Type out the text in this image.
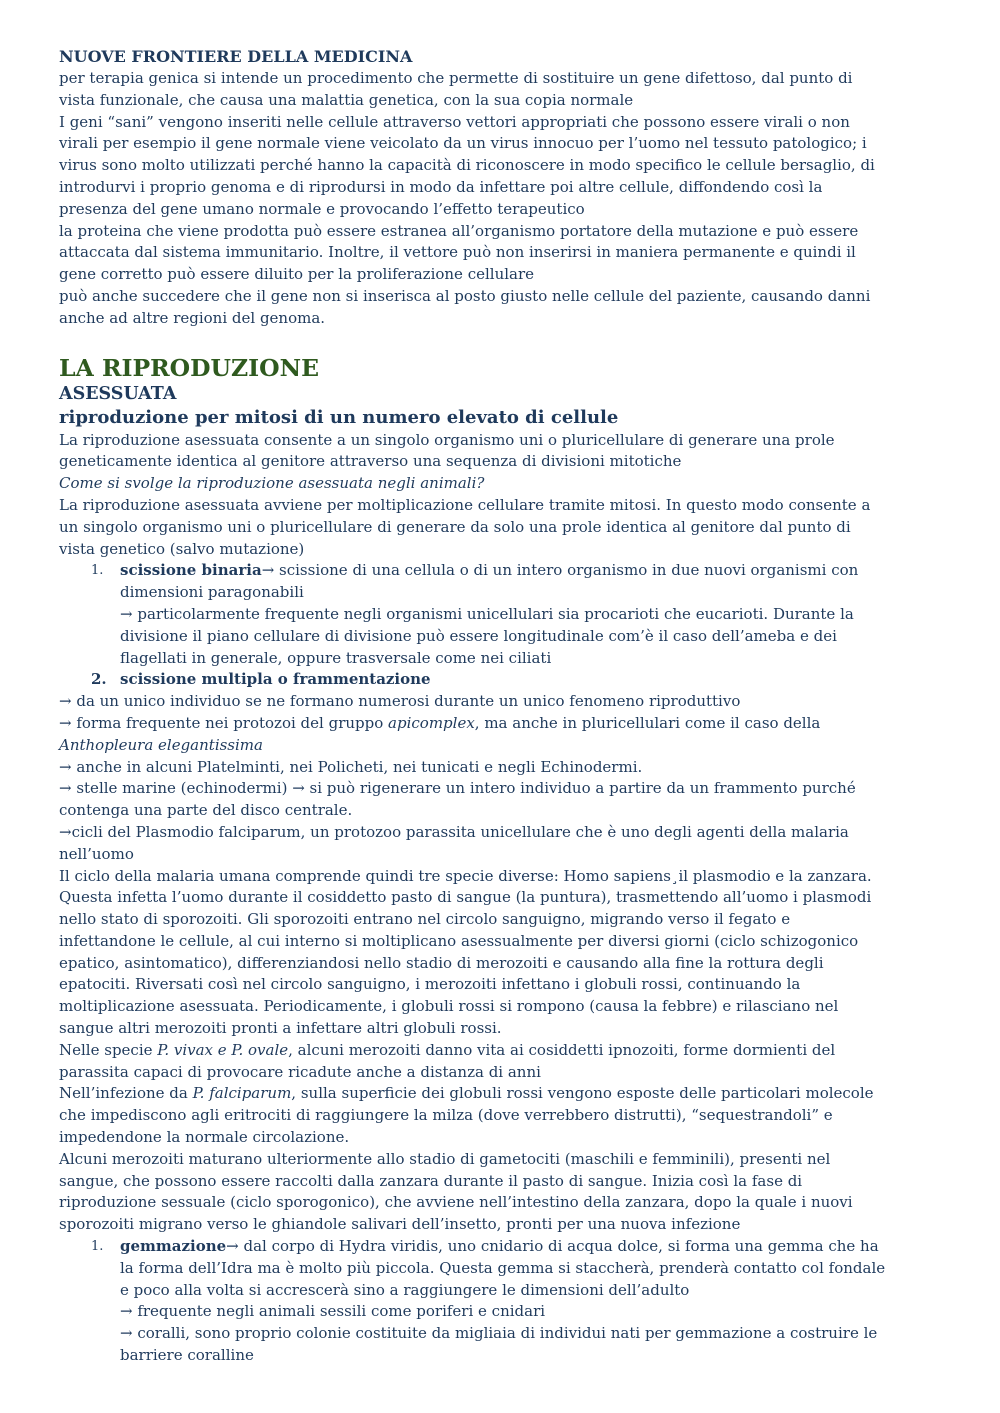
NUOVE FRONTIERE DELLA MEDICINA

per terapia genica si intende un procedimento che permette di sostituire un gene difettoso, dal punto di vista funzionale, che causa una malattia genetica, con la sua copia normale

I geni “sani” vengono inseriti nelle cellule attraverso vettori appropriati che possono essere virali o non virali per esempio il gene normale viene veicolato da un virus innocuo per l’uomo nel tessuto patologico; i virus sono molto utilizzati perché hanno la capacità di riconoscere in modo specifico le cellule bersaglio, di introdurvi i proprio genoma e di riprodursi in modo da infettare poi altre cellule, diffondendo così la presenza del gene umano normale e provocando l’effetto terapeutico

la proteina che viene prodotta può essere estranea all’organismo portatore della mutazione e può essere attaccata dal sistema immunitario. Inoltre, il vettore può non inserirsi in maniera permanente e quindi il gene corretto può essere diluito per la proliferazione cellulare

può anche succedere che il gene non si inserisca al posto giusto nelle cellule del paziente, causando danni anche ad altre regioni del genoma.

LA RIPRODUZIONE

ASESSUATA

riproduzione per mitosi di un numero elevato di cellule

La riproduzione asessuata consente a un singolo organismo uni o pluricellulare di generare una prole geneticamente identica al genitore attraverso una sequenza di divisioni mitotiche

Come si svolge la riproduzione asessuata negli animali?

La riproduzione asessuata avviene per moltiplicazione cellulare tramite mitosi. In questo modo consente a un singolo organismo uni o pluricellulare di generare da solo una prole identica al genitore dal punto di vista genetico (salvo mutazione)

1. scissione binaria→ scissione di una cellula o di un intero organismo in due nuovi organismi con dimensioni paragonabili

→ particolarmente frequente negli organismi unicellulari sia procarioti che eucarioti. Durante la divisione il piano cellulare di divisione può essere longitudinale com’è il caso dell’ameba e dei flagellati in generale, oppure trasversale come nei ciliati

2. scissione multipla o frammentazione

→ da un unico individuo se ne formano numerosi durante un unico fenomeno riproduttivo

→ forma frequente nei protozoi del gruppo apicomplex, ma anche in pluricellulari come il caso della Anthopleura elegantissima

→ anche in alcuni Platelminti, nei Policheti, nei tunicati e negli Echinodermi.

→ stelle marine (echinodermi) → si può rigenerare un intero individuo a partire da un frammento purché contenga una parte del disco centrale.

→cicli del Plasmodio falciparum, un protozoo parassita unicellulare che è uno degli agenti della malaria nell’uomo

Il ciclo della malaria umana comprende quindi tre specie diverse: Homo sapiens¸il plasmodio e la zanzara. Questa infetta l’uomo durante il cosiddetto pasto di sangue (la puntura), trasmettendo all’uomo i plasmodi nello stato di sporozoiti. Gli sporozoiti entrano nel circolo sanguigno, migrando verso il fegato e infettandone le cellule, al cui interno si moltiplicano asessualmente per diversi giorni (ciclo schizogonico epatico, asintomatico), differenziandosi nello stadio di merozoiti e causando alla fine la rottura degli epatociti. Riversati così nel circolo sanguigno, i merozoiti infettano i globuli rossi, continuando la moltiplicazione asessuata. Periodicamente, i globuli rossi si rompono (causa la febbre) e rilasciano nel sangue altri merozoiti pronti a infettare altri globuli rossi.

Nelle specie P. vivax e P. ovale, alcuni merozoiti danno vita ai cosiddetti ipnozoiti, forme dormienti del parassita capaci di provocare ricadute anche a distanza di anni

Nell’infezione da P. falciparum, sulla superficie dei globuli rossi vengono esposte delle particolari molecole che impediscono agli eritrociti di raggiungere la milza (dove verrebbero distrutti), “sequestrandoli” e impedendone la normale circolazione.

Alcuni merozoiti maturano ulteriormente allo stadio di gametociti (maschili e femminili), presenti nel sangue, che possono essere raccolti dalla zanzara durante il pasto di sangue. Inizia così la fase di riproduzione sessuale (ciclo sporogonico), che avviene nell’intestino della zanzara, dopo la quale i nuovi sporozoiti migrano verso le ghiandole salivari dell’insetto, pronti per una nuova infezione

1. gemmazione→ dal corpo di Hydra viridis, uno cnidario di acqua dolce, si forma una gemma che ha la forma dell’Idra ma è molto più piccola. Questa gemma si staccherà, prenderà contatto col fondale e poco alla volta si accrescerà sino a raggiungere le dimensioni dell’adulto

→ frequente negli animali sessili come poriferi e cnidari

→ coralli, sono proprio colonie costituite da migliaia di individui nati per gemmazione a costruire le barriere coralline
